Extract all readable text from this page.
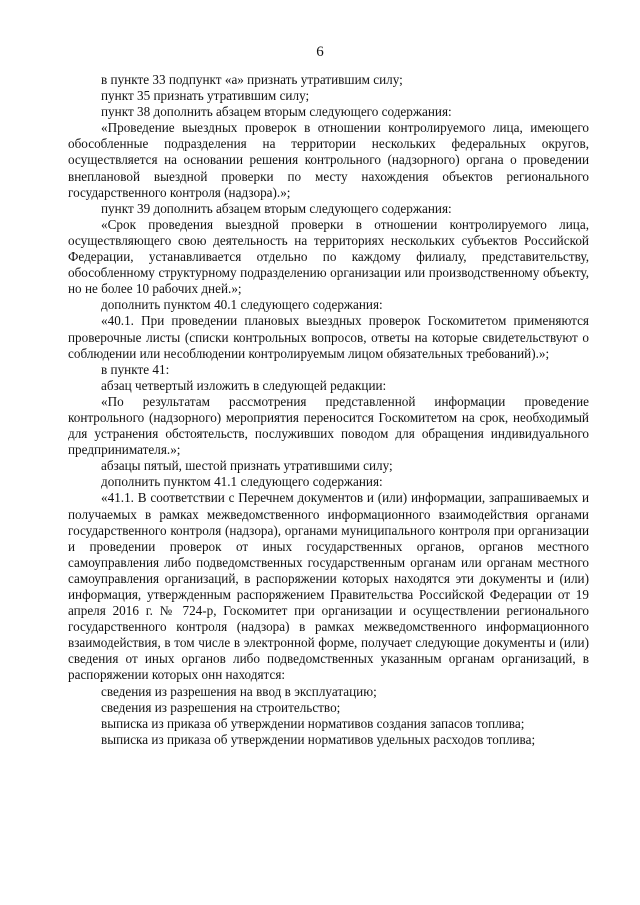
6

в пункте 33 подпункт «а» признать утратившим силу;

пункт 35 признать утратившим силу;

пункт 38 дополнить абзацем вторым следующего содержания:

«Проведение выездных проверок в отношении контролируемого лица, имеющего обособленные подразделения на территории нескольких федеральных округов, осуществляется на основании решения контрольного (надзорного) органа о проведении внеплановой выездной проверки по месту нахождения объектов регионального государственного контроля (надзора).»;

пункт 39 дополнить абзацем вторым следующего содержания:

«Срок проведения выездной проверки в отношении контролируемого лица, осуществляющего свою деятельность на территориях нескольких субъектов Российской Федерации, устанавливается отдельно по каждому филиалу, представительству, обособленному структурному подразделению организации или производственному объекту, но не более 10 рабочих дней.»;

дополнить пунктом 40.1 следующего содержания:

«40.1. При проведении плановых выездных проверок Госкомитетом применяются проверочные листы (списки контрольных вопросов, ответы на которые свидетельствуют о соблюдении или несоблюдении контролируемым лицом обязательных требований).»;

в пункте 41:

абзац четвертый изложить в следующей редакции:

«По результатам рассмотрения представленной информации проведение контрольного (надзорного) мероприятия переносится Госкомитетом на срок, необходимый для устранения обстоятельств, послуживших поводом для обращения индивидуального предпринимателя.»;

абзацы пятый, шестой признать утратившими силу;

дополнить пунктом 41.1 следующего содержания:

«41.1. В соответствии с Перечнем документов и (или) информации, запрашиваемых и получаемых в рамках межведомственного информационного взаимодействия органами государственного контроля (надзора), органами муниципального контроля при организации и проведении проверок от иных государственных органов, органов местного самоуправления либо подведомственных государственным органам или органам местного самоуправления организаций, в распоряжении которых находятся эти документы и (или) информация, утвержденным распоряжением Правительства Российской Федерации от 19 апреля 2016 г. № 724-р, Госкомитет при организации и осуществлении регионального государственного контроля (надзора) в рамках межведомственного информационного взаимодействия, в том числе в электронной форме, получает следующие документы и (или) сведения от иных органов либо подведомственных указанным органам организаций, в распоряжении которых онн находятся:

сведения из разрешения на ввод в эксплуатацию;

сведения из разрешения на строительство;

выписка из приказа об утверждении нормативов создания запасов топлива;

выписка из приказа об утверждении нормативов удельных расходов топлива;
